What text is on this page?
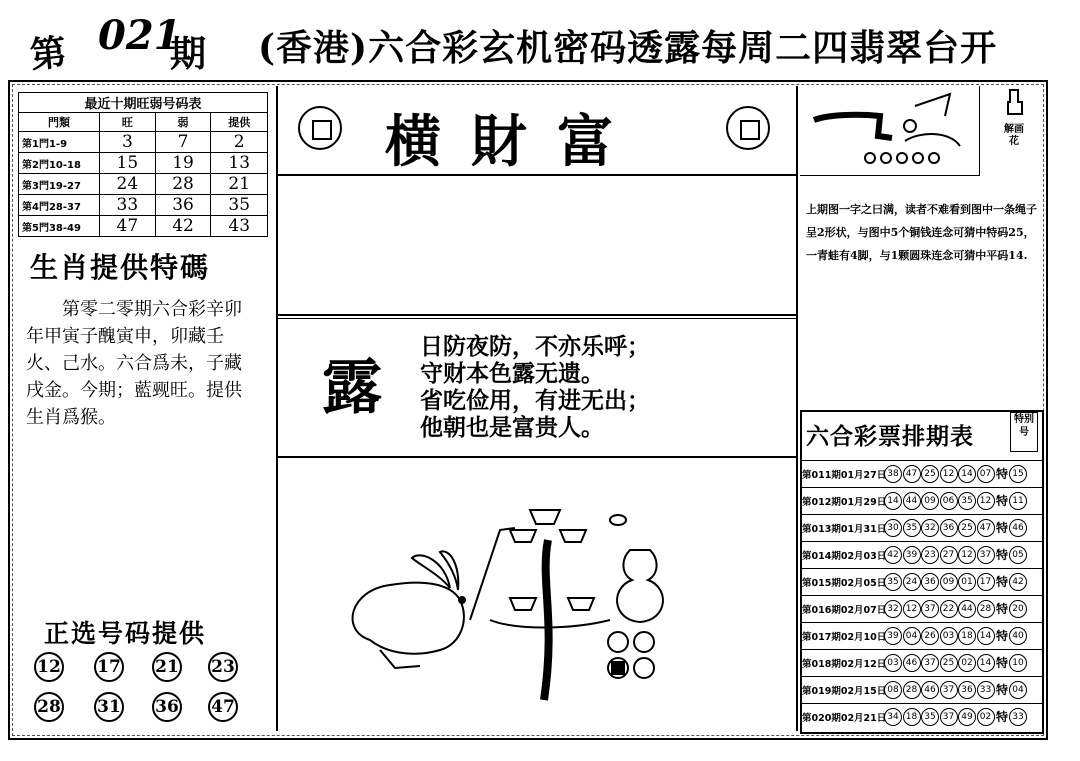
第 021
期 (香港)六合彩玄机密码透露每周二四翡翠台开
最近十期旺弱号码表			
門類	旺	弱	提供
第1門1-9	3	7	2
第2門10-18	15	19	13
第3門19-27	24	28	21
第4門28-37	33	36	35
第5門38-49	47	42	43
生肖提供特碼
第零二零期六合彩辛卯年甲寅子醜寅申，卯藏壬火、己水。六合爲未，子藏戌金。今期；藍觋旺。提供生肖爲猴。
正选号码提供
12 17 21 23
28 31 36 47
横財富
露
日防夜防，不亦乐呼；
守财本色露无遗。
省吃俭用，有进无出；
他朝也是富贵人。
解画花
上期图一字之曰满，读者不难看到图中一条绳子呈2形状，与图中5个铜钱连念可猜中特码25，一青蛙有4脚，与1颗圆珠连念可猜中平码14.
六合彩票排期表
特别号
第011期01月27日 38 47 25 12 14 07 特 15
第012期01月29日 14 44 09 06 35 12 特 11
第013期01月31日 30 35 32 36 25 47 特 46
第014期02月03日 42 39 23 27 12 37 特 05
第015期02月05日 35 24 36 09 01 17 特 42
第016期02月07日 32 12 37 22 44 28 特 20
第017期02月10日 39 04 26 03 18 14 特 40
第018期02月12日 03 46 37 25 02 14 特 10
第019期02月15日 08 28 46 37 36 33 特 04
第020期02月21日 34 18 35 37 49 02 特 33
